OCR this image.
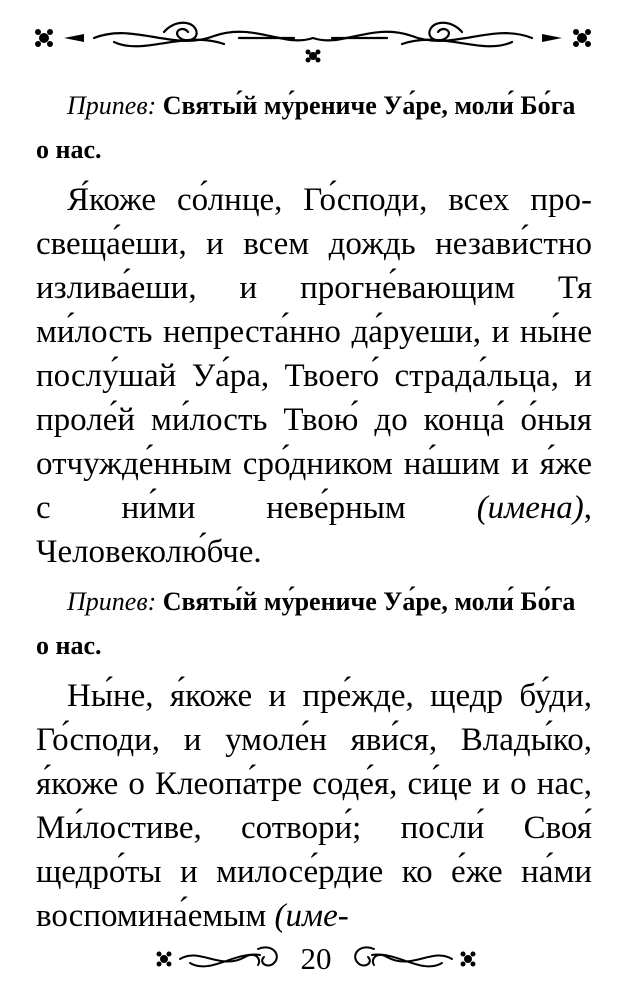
Припев: Святы́й му́рениче Уа́ре, моли́ Бо́га о нас.

Я́коже со́лнце, Го́споди, всех просвеща́еши, и всем дождь незави́стно излива́еши, и прогне́вающим Тя ми́лость непреста́нно да́руеши, и ны́не послу́шай Уа́ра, Твоего́ страда́льца, и проле́й ми́лость Твою́ до конца́ о́ныя отчужде́нным сро́дником на́шим и я́же с ни́ми неве́рным (имена), Человеколю́бче.

Припев: Святы́й му́рениче Уа́ре, моли́ Бо́га о нас.

Ны́не, я́коже и пре́жде, щедр бу́ди, Го́споди, и умоле́н яви́ся, Влады́ко, я́коже о Клеопа́тре соде́я, си́це и о нас, Ми́лостиве, сотвори́; посли́ Своя́ щедро́ты и милосе́рдие ко е́же на́ми воспомина́емым (име-

20
